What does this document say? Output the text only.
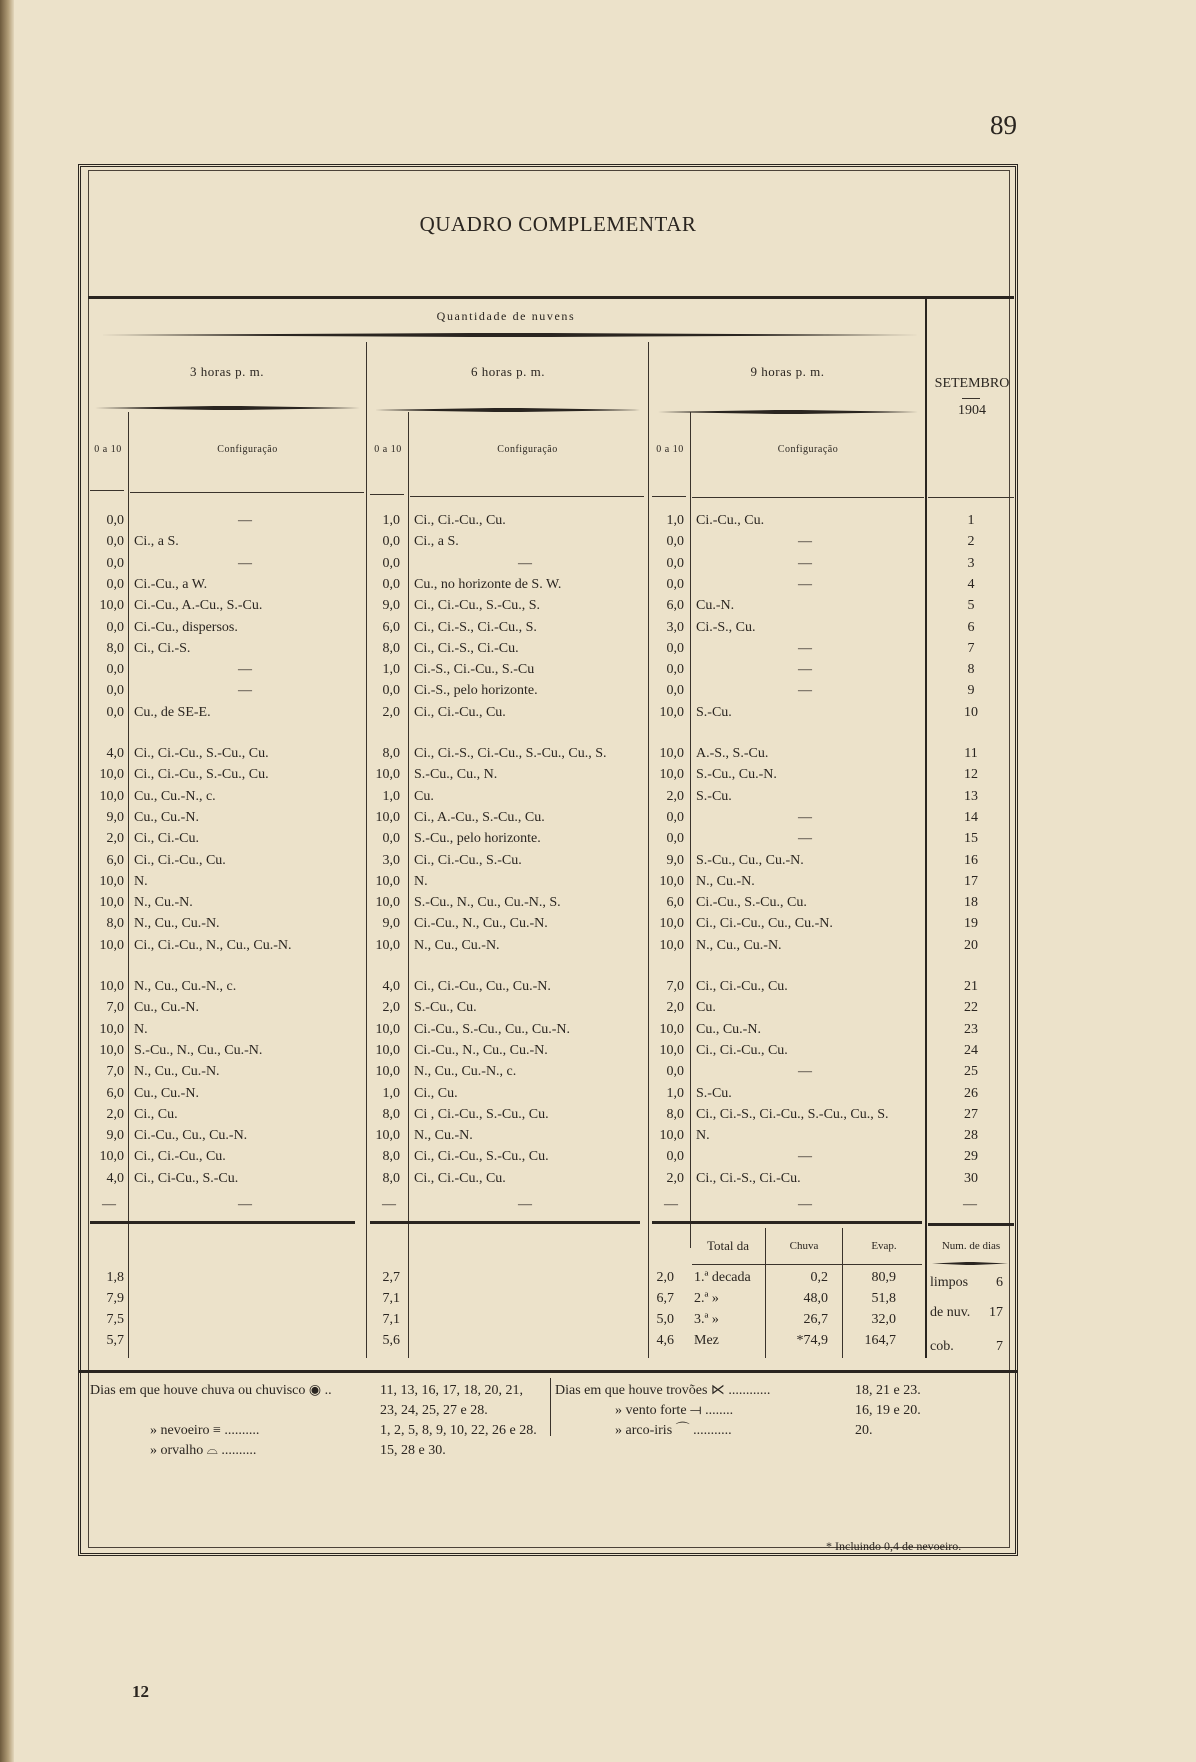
89
QUADRO COMPLEMENTAR
Quantidade de nuvens
3 horas p. m.	6 horas p. m.	9 horas p. m.
SETEMBRO
1904
0 a 10	Configuração	0 a 10	Configuração	0 a 10	Configuração
0,0	—	1,0 Ci., Ci.-Cu., Cu.	1,0 Ci.-Cu., Cu.	1
0,0 Ci., a S.	0,0 Ci., a S.	0,0	—	2
0,0	—	0,0	—	0,0	—	3
0,0 Ci.-Cu., a W.	0,0 Cu., no horizonte de S. W.	0,0	—	4
10,0 Ci.-Cu., A.-Cu., S.-Cu.	9,0 Ci., Ci.-Cu., S.-Cu., S.	6,0 Cu.-N.	5
0,0 Ci.-Cu., dispersos.	6,0 Ci., Ci.-S., Ci.-Cu., S.	3,0 Ci.-S., Cu.	6
8,0 Ci., Ci.-S.	8,0 Ci., Ci.-S., Ci.-Cu.	0,0	—	7
0,0	—	1,0 Ci.-S., Ci.-Cu., S.-Cu	0,0	—	8
0,0	—	0,0 Ci.-S., pelo horizonte.	0,0	—	9
0,0 Cu., de SE-E.	2,0 Ci., Ci.-Cu., Cu.	10,0 S.-Cu.	10
4,0 Ci., Ci.-Cu., S.-Cu., Cu.	8,0 Ci., Ci.-S., Ci.-Cu., S.-Cu., Cu., S.	10,0 A.-S., S.-Cu.	11
10,0 Ci., Ci.-Cu., S.-Cu., Cu.	10,0 S.-Cu., Cu., N.	10,0 S.-Cu., Cu.-N.	12
10,0 Cu., Cu.-N., c.	1,0 Cu.	2,0 S.-Cu.	13
9,0 Cu., Cu.-N.	10,0 Ci., A.-Cu., S.-Cu., Cu.	0,0	—	14
2,0 Ci., Ci.-Cu.	0,0 S.-Cu., pelo horizonte.	0,0	—	15
6,0 Ci., Ci.-Cu., Cu.	3,0 Ci., Ci.-Cu., S.-Cu.	9,0 S.-Cu., Cu., Cu.-N.	16
10,0 N.	10,0 N.	10,0 N., Cu.-N.	17
10,0 N., Cu.-N.	10,0 S.-Cu., N., Cu., Cu.-N., S.	6,0 Ci.-Cu., S.-Cu., Cu.	18
8,0 N., Cu., Cu.-N.	9,0 Ci.-Cu., N., Cu., Cu.-N.	10,0 Ci., Ci.-Cu., Cu., Cu.-N.	19
10,0 Ci., Ci.-Cu., N., Cu., Cu.-N.	10,0 N., Cu., Cu.-N.	10,0 N., Cu., Cu.-N.	20
10,0 N., Cu., Cu.-N., c.	4,0 Ci., Ci.-Cu., Cu., Cu.-N.	7,0 Ci., Ci.-Cu., Cu.	21
7,0 Cu., Cu.-N.	2,0 S.-Cu., Cu.	2,0 Cu.	22
10,0 N.	10,0 Ci.-Cu., S.-Cu., Cu., Cu.-N.	10,0 Cu., Cu.-N.	23
10,0 S.-Cu., N., Cu., Cu.-N.	10,0 Ci.-Cu., N., Cu., Cu.-N.	10,0 Ci., Ci.-Cu., Cu.	24
7,0 N., Cu., Cu.-N.	10,0 N., Cu., Cu.-N., c.	0,0	—	25
6,0 Cu., Cu.-N.	1,0 Ci., Cu.	1,0 S.-Cu.	26
2,0 Ci., Cu.	8,0 Ci , Ci.-Cu., S.-Cu., Cu.	8,0 Ci., Ci.-S., Ci.-Cu., S.-Cu., Cu., S.	27
9,0 Ci.-Cu., Cu., Cu.-N.	10,0 N., Cu.-N.	10,0 N.	28
10,0 Ci., Ci.-Cu., Cu.	8,0 Ci., Ci.-Cu., S.-Cu., Cu.	0,0	—	29
4,0 Ci., Ci-Cu., S.-Cu.	8,0 Ci., Ci.-Cu., Cu.	2,0 Ci., Ci.-S., Ci.-Cu.	30
—	—	—	—	—	—	—
Total da	Chuva	Evap.	Num. de dias
1,8	2,7	2,0 1.ª decada	0,2	80,9
7,9	7,1	6,7 2.ª »	48,0	51,8
7,5	7,1	5,0 3.ª »	26,7	32,0
5,7	5,6	4,6 Mez	*74,9	164,7
limpos	6
de nuv.	17
cob.	7
Dias em que houve chuva ou chuvisco ◉ ..	11, 13, 16, 17, 18, 20, 21,
23, 24, 25, 27 e 28.
» nevoeiro ≡ ..........	1, 2, 5, 8, 9, 10, 22, 26 e 28.
» orvalho ⌓ ..........	15, 28 e 30.
Dias em que houve trovões ⋉ ............	18, 21 e 23.
» vento forte ⟞ ........	16, 19 e 20.
» arco-iris ⌒ ...........	20.
* Incluindo 0,4 de nevoeiro.
12
